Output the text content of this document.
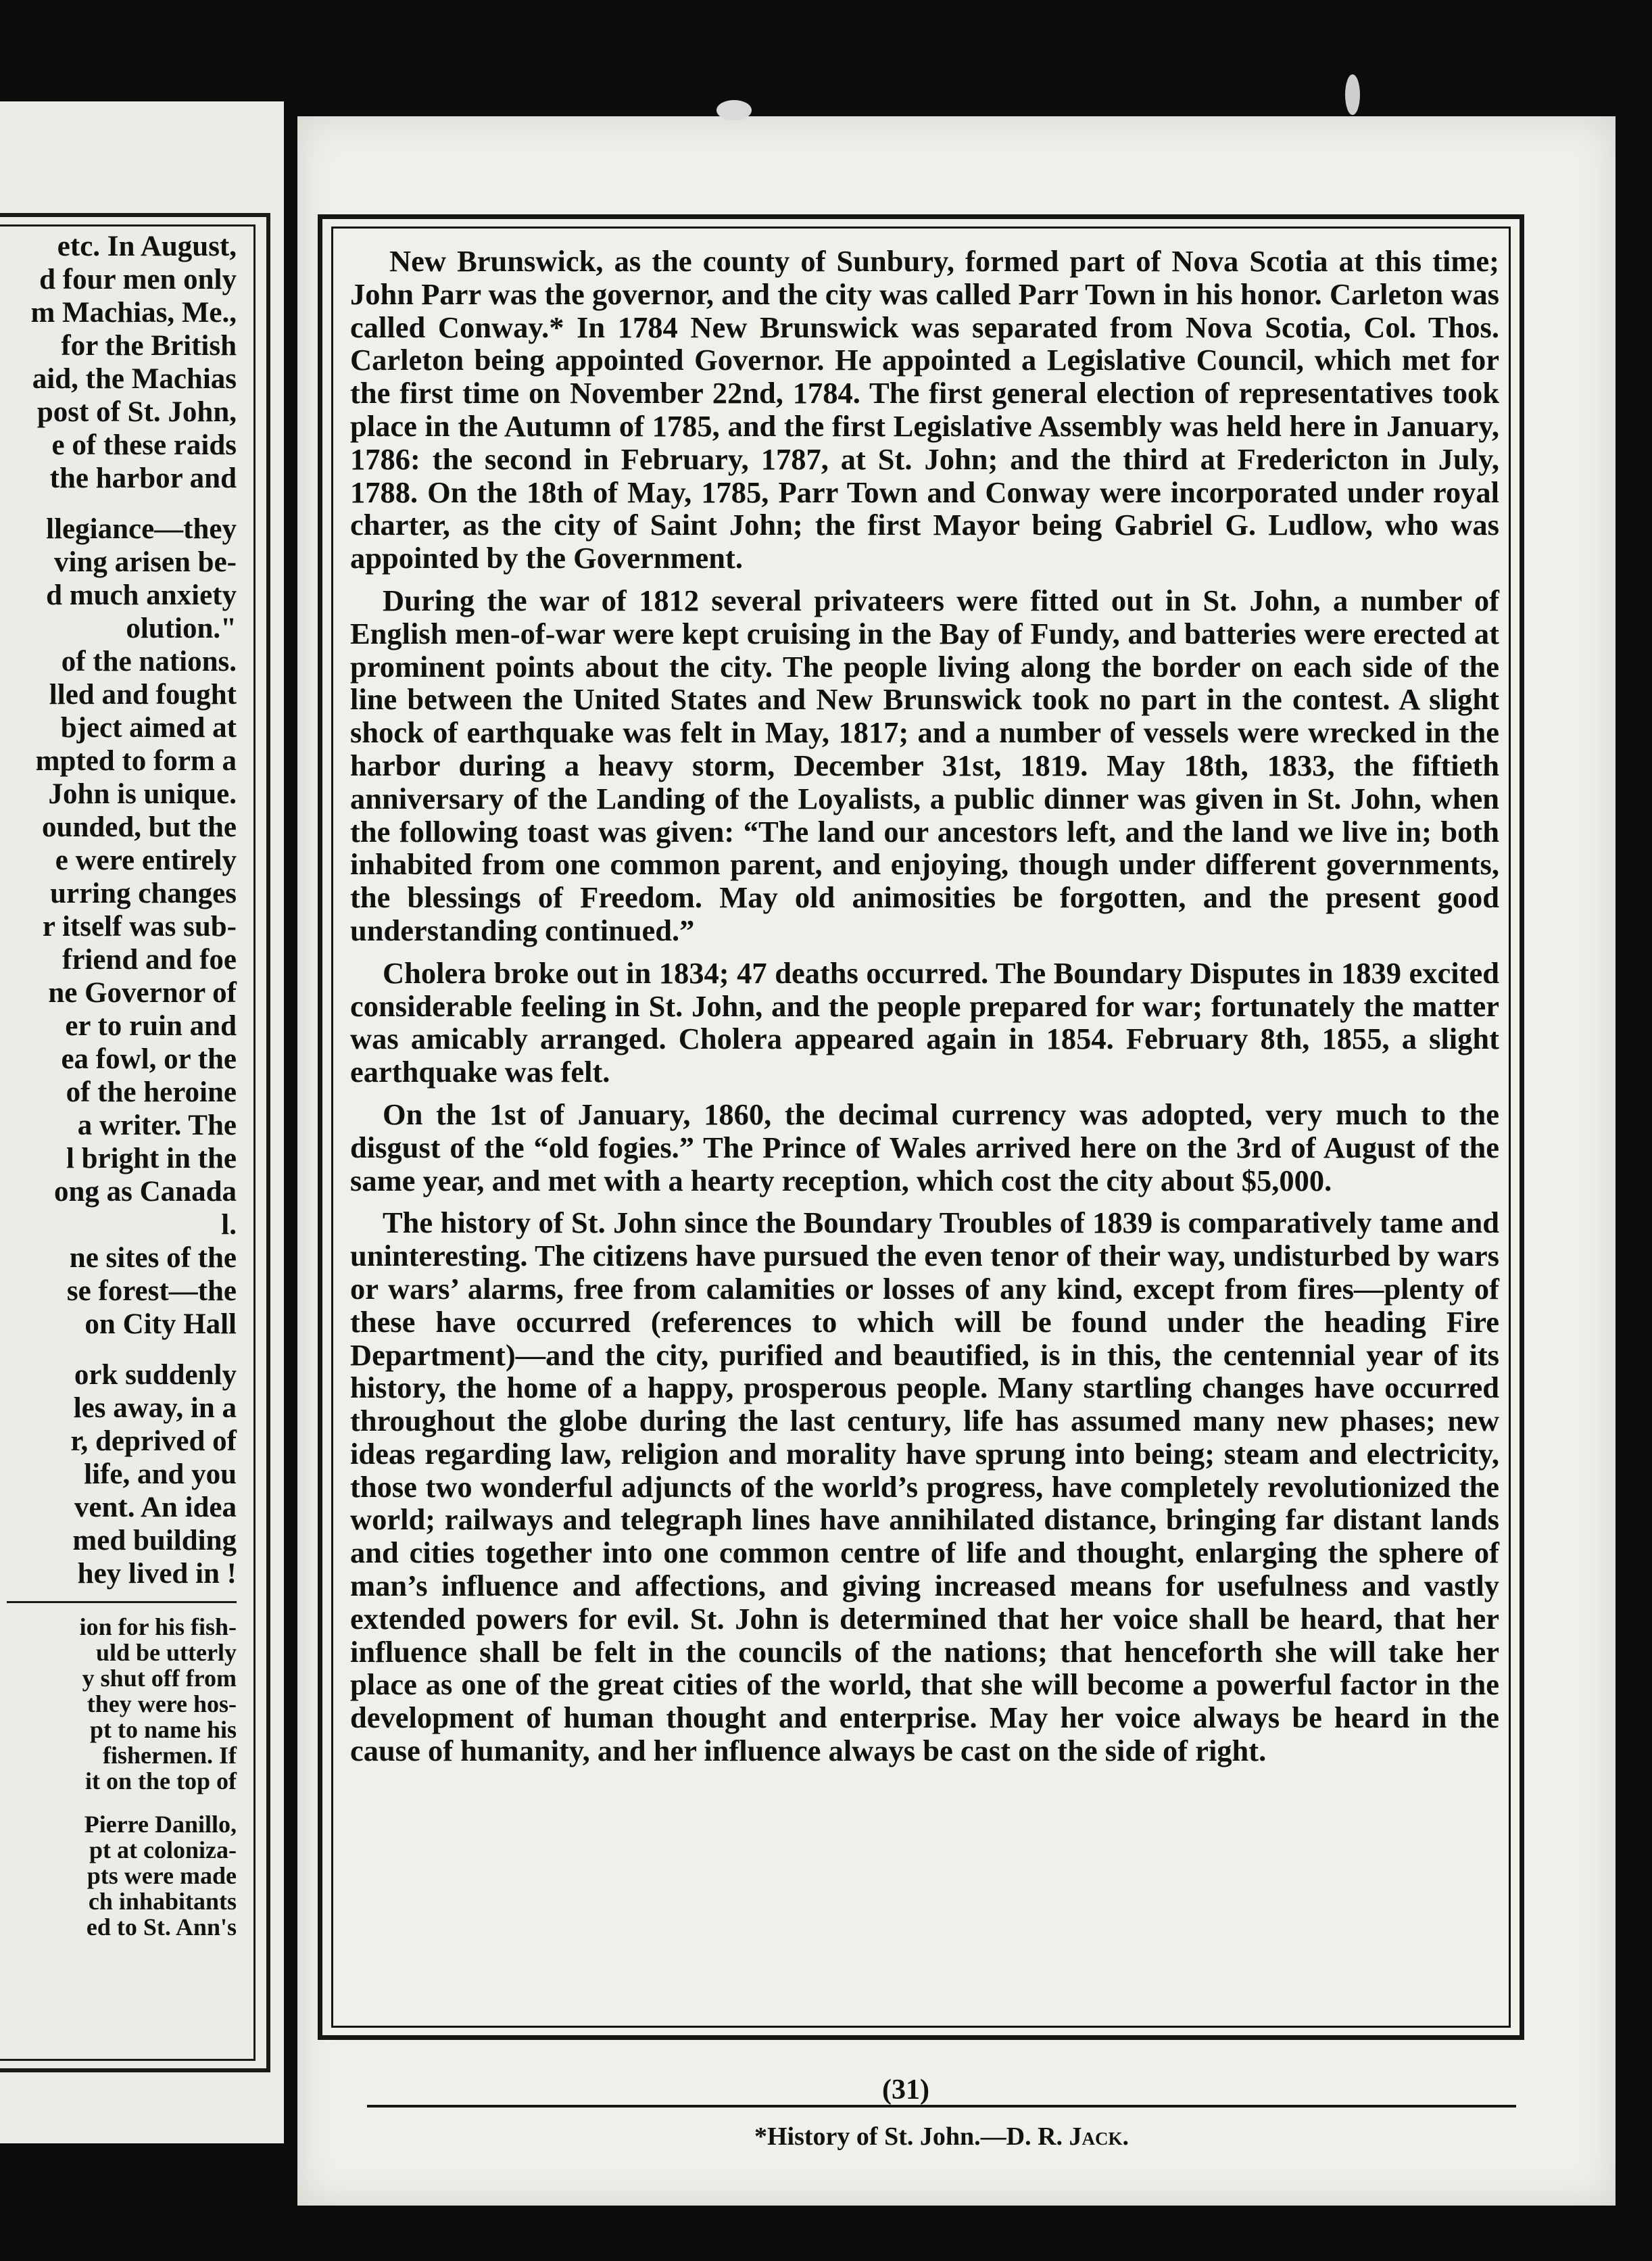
etc. In August,
d four men only
m Machias, Me.,
for the British
aid, the Machias
post of St. John,
e of these raids
the harbor and
llegiance—they
ving arisen be-
d much anxiety
olution."
of the nations.
lled and fought
bject aimed at
mpted to form a
John is unique.
ounded, but the
e were entirely
urring changes
r itself was sub-
friend and foe
ne Governor of
er to ruin and
ea fowl, or the
of the heroine
a writer. The
l bright in the
ong as Canada
l.
ne sites of the
se forest—the
on City Hall
ork suddenly
les away, in a
r, deprived of
life, and you
vent. An idea
med building
hey lived in !
ion for his fish-
uld be utterly
y shut off from
they were hos-
pt to name his
fishermen. If
it on the top of
Pierre Danillo,
pt at coloniza-
pts were made
ch inhabitants
ed to St. Ann's

New Brunswick, as the county of Sunbury, formed part of Nova Scotia at this time; John Parr was the governor, and the city was called Parr Town in his honor. Carleton was called Conway.* In 1784 New Brunswick was separated from Nova Scotia, Col. Thos. Carleton being appointed Governor. He appointed a Legislative Council, which met for the first time on November 22nd, 1784. The first general election of representatives took place in the Autumn of 1785, and the first Legislative Assembly was held here in January, 1786: the second in February, 1787, at St. John; and the third at Fredericton in July, 1788. On the 18th of May, 1785, Parr Town and Conway were incorporated under royal charter, as the city of Saint John; the first Mayor being Gabriel G. Ludlow, who was appointed by the Government.

During the war of 1812 several privateers were fitted out in St. John, a number of English men-of-war were kept cruising in the Bay of Fundy, and batteries were erected at prominent points about the city. The people living along the border on each side of the line between the United States and New Brunswick took no part in the contest. A slight shock of earthquake was felt in May, 1817; and a number of vessels were wrecked in the harbor during a heavy storm, December 31st, 1819. May 18th, 1833, the fiftieth anniversary of the Landing of the Loyalists, a public dinner was given in St. John, when the following toast was given: “The land our ancestors left, and the land we live in; both inhabited from one common parent, and enjoying, though under different governments, the blessings of Freedom. May old animosities be forgotten, and the present good understanding continued.”

Cholera broke out in 1834; 47 deaths occurred. The Boundary Disputes in 1839 excited considerable feeling in St. John, and the people prepared for war; fortunately the matter was amicably arranged. Cholera appeared again in 1854. February 8th, 1855, a slight earthquake was felt.

On the 1st of January, 1860, the decimal currency was adopted, very much to the disgust of the “old fogies.” The Prince of Wales arrived here on the 3rd of August of the same year, and met with a hearty reception, which cost the city about $5,000.

The history of St. John since the Boundary Troubles of 1839 is comparatively tame and uninteresting. The citizens have pursued the even tenor of their way, undisturbed by wars or wars’ alarms, free from calamities or losses of any kind, except from fires—plenty of these have occurred (references to which will be found under the heading Fire Department)—and the city, purified and beautified, is in this, the centennial year of its history, the home of a happy, prosperous people. Many startling changes have occurred throughout the globe during the last century, life has assumed many new phases; new ideas regarding law, religion and morality have sprung into being; steam and electricity, those two wonderful adjuncts of the world’s progress, have completely revolutionized the world; railways and telegraph lines have annihilated distance, bringing far distant lands and cities together into one common centre of life and thought, enlarging the sphere of man’s influence and affections, and giving increased means for usefulness and vastly extended powers for evil. St. John is determined that her voice shall be heard, that her influence shall be felt in the councils of the nations; that henceforth she will take her place as one of the great cities of the world, that she will become a powerful factor in the development of human thought and enterprise. May her voice always be heard in the cause of humanity, and her influence always be cast on the side of right.

*History of St. John.—D. R. Jack.
(31)
